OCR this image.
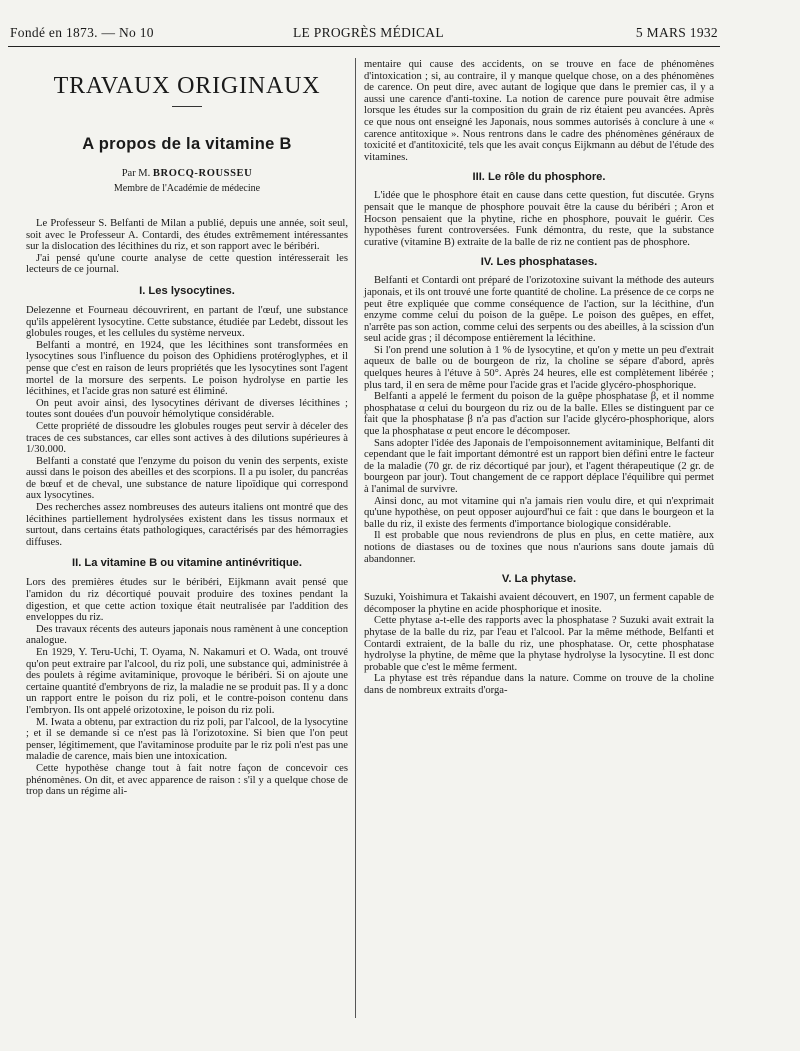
Fondé en 1873. — No 10	LE PROGRÈS MÉDICAL	5 MARS 1932
TRAVAUX ORIGINAUX
A propos de la vitamine B
Par M. BROCQ-ROUSSEU
Membre de l'Académie de médecine

Le Professeur S. Belfanti de Milan a publié, depuis une année, soit seul, soit avec le Professeur A. Contardi, des études extrêmement intéressantes sur la dislocation des lécithines du riz, et son rapport avec le béribéri.

J'ai pensé qu'une courte analyse de cette question intéresserait les lecteurs de ce journal.

I. Les lysocytines.

Delezenne et Fourneau découvrirent, en partant de l'œuf, une substance qu'ils appelèrent lysocytine. Cette substance, étudiée par Ledebt, dissout les globules rouges, et les cellules du système nerveux.

Belfanti a montré, en 1924, que les lécithines sont transformées en lysocytines sous l'influence du poison des Ophidiens protéroglyphes, et il pense que c'est en raison de leurs propriétés que les lysocytines sont l'agent mortel de la morsure des serpents. Le poison hydrolyse en partie les lécithines, et l'acide gras non saturé est éliminé.

On peut avoir ainsi, des lysocytines dérivant de diverses lécithines ; toutes sont douées d'un pouvoir hémolytique considérable.

Cette propriété de dissoudre les globules rouges peut servir à déceler des traces de ces substances, car elles sont actives à des dilutions supérieures à 1/30.000.

Belfanti a constaté que l'enzyme du poison du venin des serpents, existe aussi dans le poison des abeilles et des scorpions. Il a pu isoler, du pancréas de bœuf et de cheval, une substance de nature lipoïdique qui correspond aux lysocytines.

Des recherches assez nombreuses des auteurs italiens ont montré que des lécithines partiellement hydrolysées existent dans les tissus normaux et surtout, dans certains états pathologiques, caractérisés par des hémorragies diffuses.

II. La vitamine B ou vitamine antinévritique.

Lors des premières études sur le béribéri, Eijkmann avait pensé que l'amidon du riz décortiqué pouvait produire des toxines pendant la digestion, et que cette action toxique était neutralisée par l'addition des enveloppes du riz.

Des travaux récents des auteurs japonais nous ramènent à une conception analogue.

En 1929, Y. Teru-Uchi, T. Oyama, N. Nakamuri et O. Wada, ont trouvé qu'on peut extraire par l'alcool, du riz poli, une substance qui, administrée à des poulets à régime avitaminique, provoque le béribéri. Si on ajoute une certaine quantité d'embryons de riz, la maladie ne se produit pas. Il y a donc un rapport entre le poison du riz poli, et le contre-poison contenu dans l'embryon. Ils ont appelé orizotoxine, le poison du riz poli.

M. Iwata a obtenu, par extraction du riz poli, par l'alcool, de la lysocytine ; et il se demande si ce n'est pas là l'orizotoxine. Si bien que l'on peut penser, légitimement, que l'avitaminose produite par le riz poli n'est pas une maladie de carence, mais bien une intoxication.

Cette hypothèse change tout à fait notre façon de concevoir ces phénomènes. On dit, et avec apparence de raison : s'il y a quelque chose de trop dans un régime ali-

mentaire qui cause des accidents, on se trouve en face de phénomènes d'intoxication ; si, au contraire, il y manque quelque chose, on a des phénomènes de carence. On peut dire, avec autant de logique que dans le premier cas, il y a aussi une carence d'anti-toxine. La notion de carence pure pouvait être admise lorsque les études sur la composition du grain de riz étaient peu avancées. Après ce que nous ont enseigné les Japonais, nous sommes autorisés à conclure à une « carence antitoxique ». Nous rentrons dans le cadre des phénomènes généraux de toxicité et d'antitoxicité, tels que les avait conçus Eijkmann au début de l'étude des vitamines.

III. Le rôle du phosphore.

L'idée que le phosphore était en cause dans cette question, fut discutée. Gryns pensait que le manque de phosphore pouvait être la cause du béribéri ; Aron et Hocson pensaient que la phytine, riche en phosphore, pouvait le guérir. Ces hypothèses furent controversées. Funk démontra, du reste, que la substance curative (vitamine B) extraite de la balle de riz ne contient pas de phosphore.

IV. Les phosphatases.

Belfanti et Contardi ont préparé de l'orizotoxine suivant la méthode des auteurs japonais, et ils ont trouvé une forte quantité de choline. La présence de ce corps ne peut être expliquée que comme conséquence de l'action, sur la lécithine, d'un enzyme comme celui du poison de la guêpe. Le poison des guêpes, en effet, n'arrête pas son action, comme celui des serpents ou des abeilles, à la scission d'un seul acide gras ; il décompose entièrement la lécithine.

Si l'on prend une solution à 1 % de lysocytine, et qu'on y mette un peu d'extrait aqueux de balle ou de bourgeon de riz, la choline se sépare d'abord, après quelques heures à l'étuve à 50°. Après 24 heures, elle est complètement libérée ; plus tard, il en sera de même pour l'acide gras et l'acide glycéro-phosphorique.

Belfanti a appelé le ferment du poison de la guêpe phosphatase β, et il nomme phosphatase α celui du bourgeon du riz ou de la balle. Elles se distinguent par ce fait que la phosphatase β n'a pas d'action sur l'acide glycéro-phosphorique, alors que la phosphatase α peut encore le décomposer.

Sans adopter l'idée des Japonais de l'empoisonnement avitaminique, Belfanti dit cependant que le fait important démontré est un rapport bien défini entre le facteur de la maladie (70 gr. de riz décortiqué par jour), et l'agent thérapeutique (2 gr. de bourgeon par jour). Tout changement de ce rapport déplace l'équilibre qui permet à l'animal de survivre.

Ainsi donc, au mot vitamine qui n'a jamais rien voulu dire, et qui n'exprimait qu'une hypothèse, on peut opposer aujourd'hui ce fait : que dans le bourgeon et la balle du riz, il existe des ferments d'importance biologique considérable.

Il est probable que nous reviendrons de plus en plus, en cette matière, aux notions de diastases ou de toxines que nous n'aurions sans doute jamais dû abandonner.

V. La phytase.

Suzuki, Yoishimura et Takaishi avaient découvert, en 1907, un ferment capable de décomposer la phytine en acide phosphorique et inosite.

Cette phytase a-t-elle des rapports avec la phosphatase ? Suzuki avait extrait la phytase de la balle du riz, par l'eau et l'alcool. Par la même méthode, Belfanti et Contardi extraient, de la balle du riz, une phosphatase. Or, cette phosphatase hydrolyse la phytine, de même que la phytase hydrolyse la lysocytine. Il est donc probable que c'est le même ferment.

La phytase est très répandue dans la nature. Comme on trouve de la choline dans de nombreux extraits d'orga-
